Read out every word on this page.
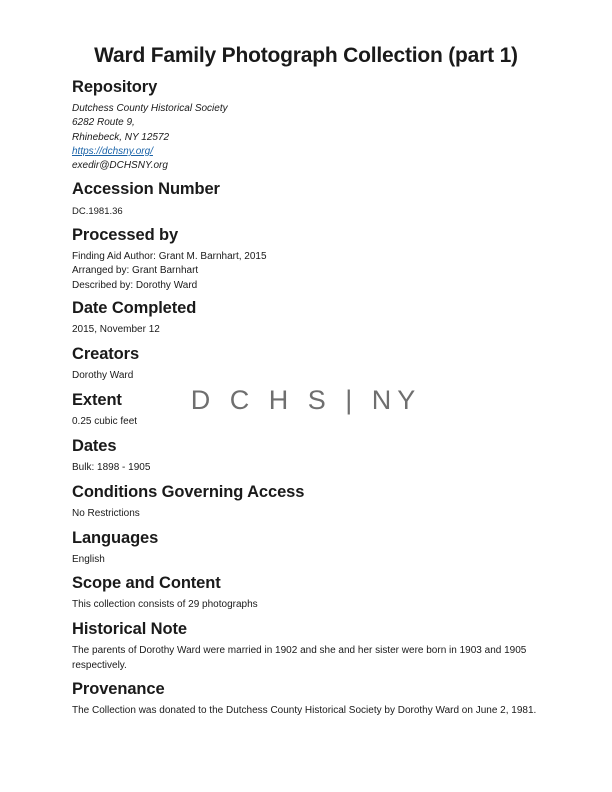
Ward Family Photograph Collection (part 1)
D C H S | NY
Repository
Dutchess County Historical Society
6282 Route 9,
Rhinebeck, NY 12572
https://dchsny.org/
exedir@DCHSNY.org
Accession Number
DC.1981.36
Processed by
Finding Aid Author: Grant M. Barnhart, 2015
Arranged by: Grant Barnhart
Described by: Dorothy Ward
Date Completed
2015, November 12
Creators
Dorothy Ward
Extent
0.25 cubic feet
Dates
Bulk: 1898 - 1905
Conditions Governing Access
No Restrictions
Languages
English
Scope and Content
This collection consists of 29 photographs
Historical Note
The parents of Dorothy Ward were married in 1902 and she and her sister were born in 1903 and 1905 respectively.
Provenance
The Collection was donated to the Dutchess County Historical Society by Dorothy Ward on June 2, 1981.
